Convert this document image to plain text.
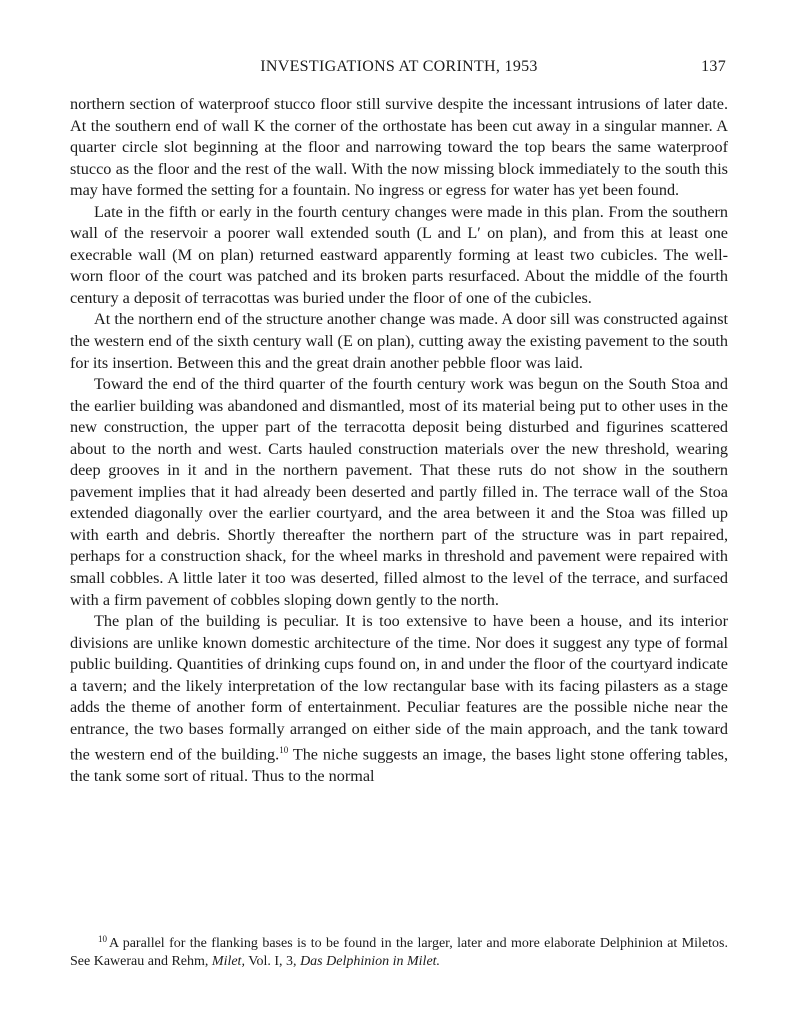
INVESTIGATIONS AT CORINTH, 1953	137

northern section of waterproof stucco floor still survive despite the incessant intrusions of later date. At the southern end of wall K the corner of the orthostate has been cut away in a singular manner. A quarter circle slot beginning at the floor and narrowing toward the top bears the same waterproof stucco as the floor and the rest of the wall. With the now missing block immediately to the south this may have formed the setting for a fountain. No ingress or egress for water has yet been found.

Late in the fifth or early in the fourth century changes were made in this plan. From the southern wall of the reservoir a poorer wall extended south (L and L′ on plan), and from this at least one execrable wall (M on plan) returned eastward apparently forming at least two cubicles. The well-worn floor of the court was patched and its broken parts resurfaced. About the middle of the fourth century a deposit of terracottas was buried under the floor of one of the cubicles.

At the northern end of the structure another change was made. A door sill was constructed against the western end of the sixth century wall (E on plan), cutting away the existing pavement to the south for its insertion. Between this and the great drain another pebble floor was laid.

Toward the end of the third quarter of the fourth century work was begun on the South Stoa and the earlier building was abandoned and dismantled, most of its material being put to other uses in the new construction, the upper part of the terracotta deposit being disturbed and figurines scattered about to the north and west. Carts hauled construction materials over the new threshold, wearing deep grooves in it and in the northern pavement. That these ruts do not show in the southern pavement implies that it had already been deserted and partly filled in. The terrace wall of the Stoa extended diagonally over the earlier courtyard, and the area between it and the Stoa was filled up with earth and debris. Shortly thereafter the northern part of the structure was in part repaired, perhaps for a construction shack, for the wheel marks in threshold and pavement were repaired with small cobbles. A little later it too was deserted, filled almost to the level of the terrace, and surfaced with a firm pavement of cobbles sloping down gently to the north.

The plan of the building is peculiar. It is too extensive to have been a house, and its interior divisions are unlike known domestic architecture of the time. Nor does it suggest any type of formal public building. Quantities of drinking cups found on, in and under the floor of the courtyard indicate a tavern; and the likely interpretation of the low rectangular base with its facing pilasters as a stage adds the theme of another form of entertainment. Peculiar features are the possible niche near the entrance, the two bases formally arranged on either side of the main approach, and the tank toward the western end of the building.$^{10}$ The niche suggests an image, the bases light stone offering tables, the tank some sort of ritual. Thus to the normal

$^{10}$ A parallel for the flanking bases is to be found in the larger, later and more elaborate Delphinion at Miletos. See Kawerau and Rehm, Milet, Vol. I, 3, Das Delphinion in Milet.
